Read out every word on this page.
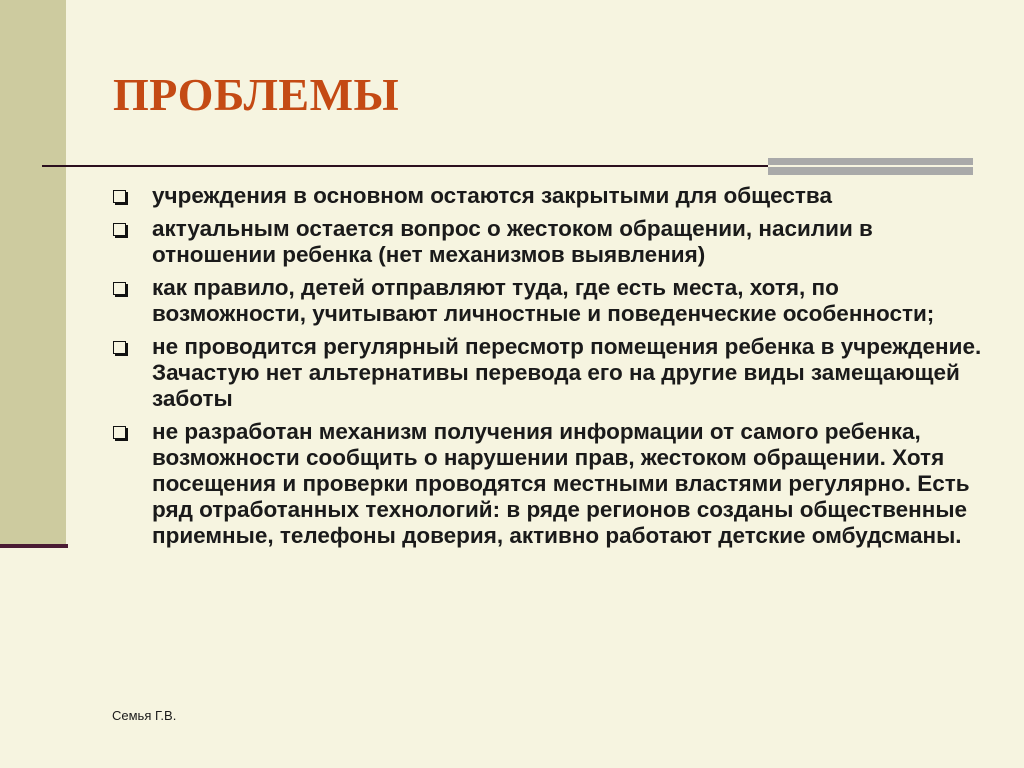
ПРОБЛЕМЫ
учреждения в основном остаются закрытыми для общества
актуальным остается вопрос о жестоком обращении, насилии в отношении ребенка (нет механизмов выявления)
как правило, детей отправляют туда, где есть места, хотя, по возможности, учитывают личностные и поведенческие особенности;
не проводится регулярный пересмотр помещения ребенка в учреждение. Зачастую нет альтернативы перевода его на другие виды замещающей заботы
не разработан механизм получения информации от самого ребенка, возможности сообщить о нарушении прав, жестоком обращении. Хотя посещения и проверки проводятся местными властями регулярно. Есть ряд отработанных технологий: в ряде регионов созданы общественные приемные, телефоны доверия, активно работают детские омбудсманы.
Семья Г.В.
